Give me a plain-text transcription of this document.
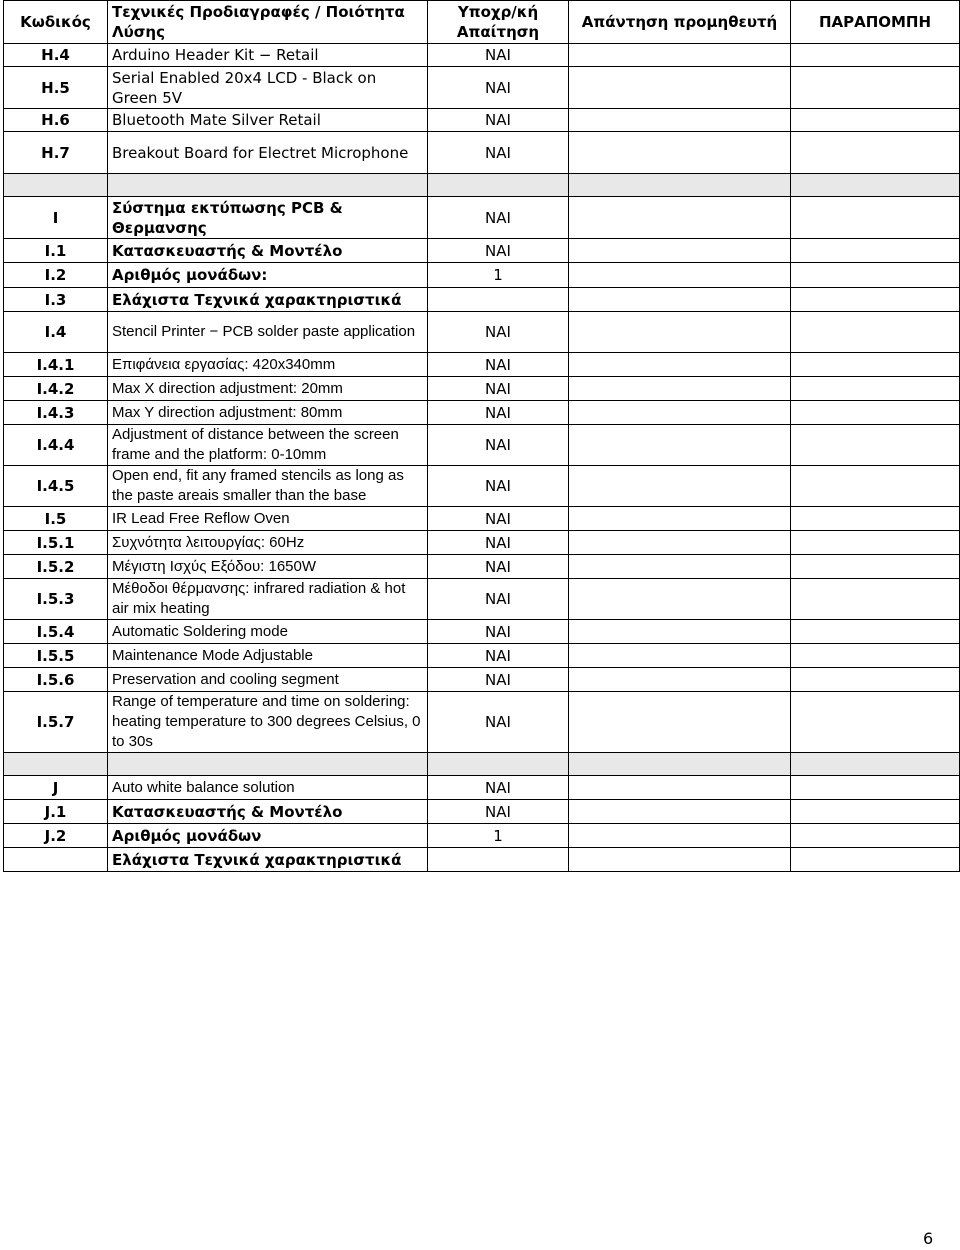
Κωδικός	Τεχνικές Προδιαγραφές / Ποιότητα Λύσης	Υποχρ/κή Απαίτηση	Απάντηση προμηθευτή	ΠΑΡΑΠΟΜΠΗ
H.4	Arduino Header Kit − Retail	ΝΑΙ		
H.5	Serial Enabled 20x4 LCD - Black on Green 5V	ΝΑΙ		
H.6	Bluetooth Mate Silver Retail	ΝΑΙ		
H.7	Breakout Board for Electret Microphone	ΝΑΙ		

I	Σύστημα εκτύπωσης PCB & Θερμανσης	ΝΑΙ		
I.1	Κατασκευαστής & Μοντέλο	ΝΑΙ		
I.2	Αριθμός μονάδων:	1		
I.3	Ελάχιστα Τεχνικά χαρακτηριστικά			
I.4	Stencil Printer − PCB solder paste application	ΝΑΙ		
I.4.1	Επιφάνεια εργασίας: 420x340mm	ΝΑΙ		
I.4.2	Max X direction adjustment: 20mm	ΝΑΙ		
I.4.3	Max Y direction adjustment: 80mm	ΝΑΙ		
I.4.4	Adjustment of distance between the screen frame and the platform: 0-10mm	ΝΑΙ		
I.4.5	Open end, fit any framed stencils as long as the paste areais smaller than the base	ΝΑΙ		
I.5	IR Lead Free Reflow Oven	ΝΑΙ		
I.5.1	Συχνότητα λειτουργίας: 60Hz	ΝΑΙ		
I.5.2	Μέγιστη Ισχύς Εξόδου: 1650W	ΝΑΙ		
I.5.3	Μέθοδοι θέρμανσης: infrared radiation & hot air mix heating	ΝΑΙ		
I.5.4	Automatic Soldering mode	ΝΑΙ		
I.5.5	Maintenance Mode Adjustable	ΝΑΙ		
I.5.6	Preservation and cooling segment	ΝΑΙ		
I.5.7	Range of temperature and time on soldering: heating temperature to 300 degrees Celsius, 0 to 30s	ΝΑΙ		

J	Auto white balance solution	ΝΑΙ		
J.1	Κατασκευαστής & Μοντέλο	ΝΑΙ		
J.2	Αριθμός μονάδων	1		
	Ελάχιστα Τεχνικά χαρακτηριστικά			
6
